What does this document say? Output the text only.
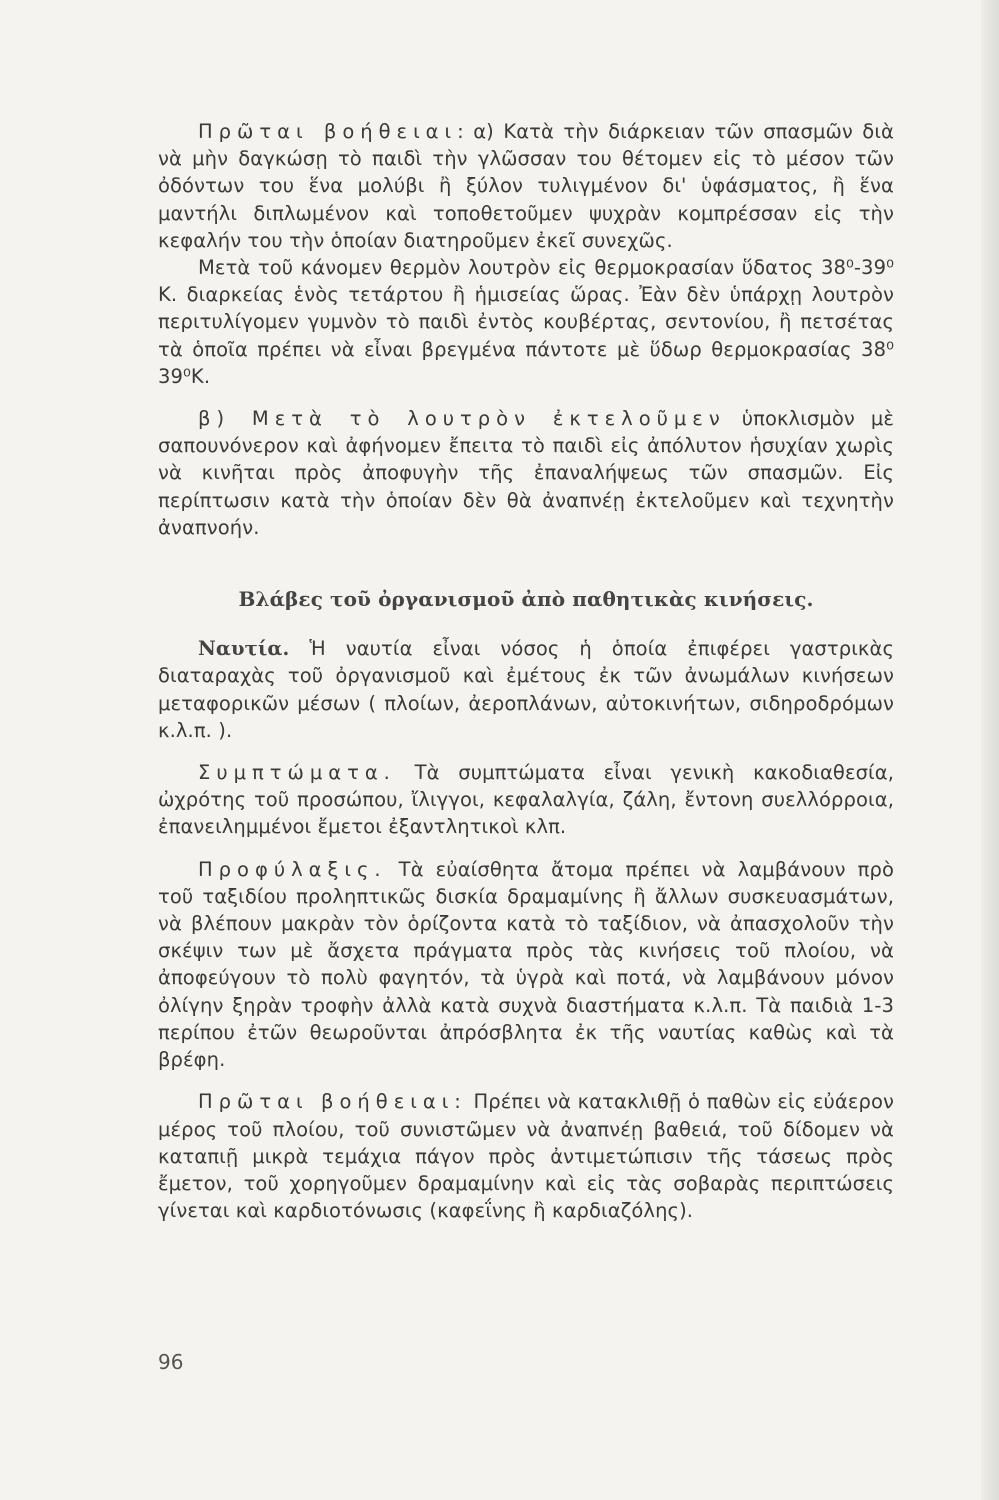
Πρῶται βοήθειαι: α) Κατὰ τὴν διάρκειαν τῶν σπασμῶν διὰ νὰ μὴν δαγκώσῃ τὸ παιδὶ τὴν γλῶσσαν του θέτομεν εἰς τὸ μέσον τῶν ὀδόντων του ἕνα μολύβι ἢ ξύλον τυλιγμένον δι' ὑφάσματος, ἢ ἕνα μαντήλι διπλωμένον καὶ τοποθετοῦμεν ψυχρὰν κομπρέσσαν εἰς τὴν κεφαλήν του τὴν ὁποίαν διατηροῦμεν ἐκεῖ συνεχῶς.

Μετὰ τοῦ κάνομεν θερμὸν λουτρὸν εἰς θερμοκρασίαν ὕδατος 38⁰-39⁰ Κ. διαρκείας ἑνὸς τετάρτου ἢ ἡμισείας ὥρας. Ἐὰν δὲν ὑπάρχῃ λουτρὸν περιτυλίγομεν γυμνὸν τὸ παιδὶ ἐντὸς κουβέρτας, σεντονίου, ἢ πετσέτας τὰ ὁποῖα πρέπει νὰ εἶναι βρεγμένα πάντοτε μὲ ὕδωρ θερμοκρασίας 38⁰ 39⁰Κ.

β) Μετὰ τὸ λουτρὸν ἐκτελοῦμεν ὑποκλισμὸν μὲ σαπουνόνερον καὶ ἀφήνομεν ἔπειτα τὸ παιδὶ εἰς ἀπόλυτον ἡσυχίαν χωρὶς νὰ κινῆται πρὸς ἀποφυγὴν τῆς ἐπαναλήψεως τῶν σπασμῶν. Εἰς περίπτωσιν κατὰ τὴν ὁποίαν δὲν θὰ ἀναπνέῃ ἐκτελοῦμεν καὶ τεχνητὴν ἀναπνοήν.

Βλάβες τοῦ ὀργανισμοῦ ἀπὸ παθητικὰς κινήσεις.

Ναυτία. Ἡ ναυτία εἶναι νόσος ἡ ὁποία ἐπιφέρει γαστρικὰς διαταραχὰς τοῦ ὀργανισμοῦ καὶ ἐμέτους ἐκ τῶν ἀνωμάλων κινήσεων μεταφορικῶν μέσων ( πλοίων, ἀεροπλάνων, αὐτοκινήτων, σιδηροδρόμων κ.λ.π. ).

Συμπτώματα. Τὰ συμπτώματα εἶναι γενικὴ κακοδιαθεσία, ὠχρότης τοῦ προσώπου, ἴλιγγοι, κεφαλαλγία, ζάλη, ἔντονη συελλόρροια, ἐπανειλημμένοι ἔμετοι ἐξαντλητικοὶ κλπ.

Προφύλαξις. Τὰ εὐαίσθητα ἄτομα πρέπει νὰ λαμβάνουν πρὸ τοῦ ταξιδίου προληπτικῶς δισκία δραμαμίνης ἢ ἄλλων συσκευασμάτων, νὰ βλέπουν μακρὰν τὸν ὁρίζοντα κατὰ τὸ ταξίδιον, νὰ ἀπασχολοῦν τὴν σκέψιν των μὲ ἄσχετα πράγματα πρὸς τὰς κινήσεις τοῦ πλοίου, νὰ ἀποφεύγουν τὸ πολὺ φαγητόν, τὰ ὑγρὰ καὶ ποτά, νὰ λαμβάνουν μόνον ὀλίγην ξηρὰν τροφὴν ἀλλὰ κατὰ συχνὰ διαστήματα κ.λ.π. Τὰ παιδιὰ 1-3 περίπου ἐτῶν θεωροῦνται ἀπρόσβλητα ἐκ τῆς ναυτίας καθὼς καὶ τὰ βρέφη.

Πρῶται βοήθειαι: Πρέπει νὰ κατακλιθῇ ὁ παθὼν εἰς εὐάερον μέρος τοῦ πλοίου, τοῦ συνιστῶμεν νὰ ἀναπνέῃ βαθειά, τοῦ δίδομεν νὰ καταπιῇ μικρὰ τεμάχια πάγον πρὸς ἀντιμετώπισιν τῆς τάσεως πρὸς ἔμετον, τοῦ χορηγοῦμεν δραμαμίνην καὶ εἰς τὰς σοβαρὰς περιπτώσεις γίνεται καὶ καρδιοτόνωσις (καφεΐνης ἢ καρδιαζόλης).

96
